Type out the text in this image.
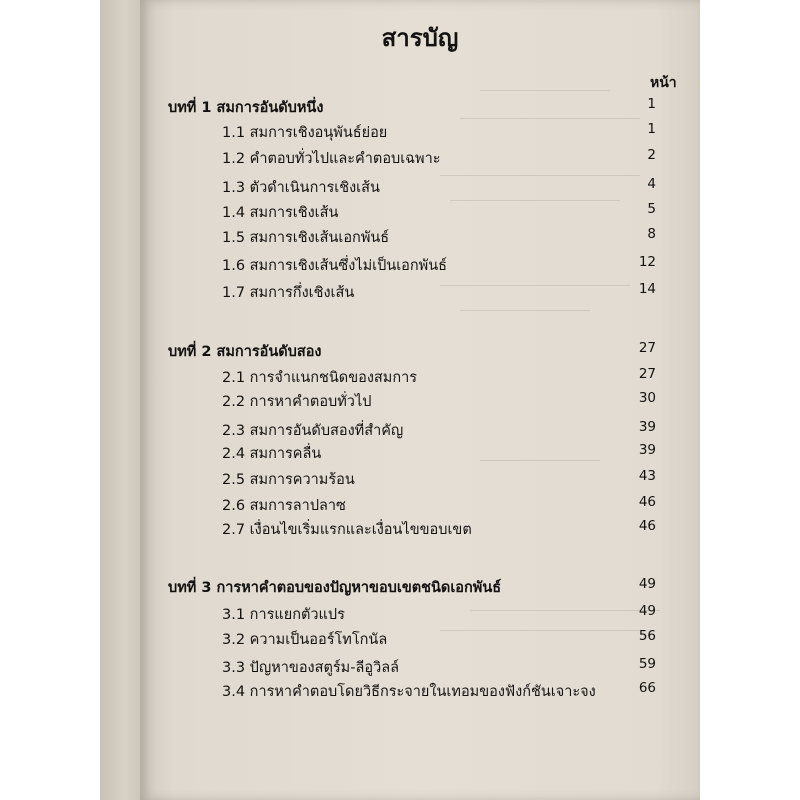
สารบัญ
หน้า
บทที่ 1 สมการอันดับหนึ่ง	1
1.1 สมการเชิงอนุพันธ์ย่อย	1
1.2 คำตอบทั่วไปและคำตอบเฉพาะ	2
1.3 ตัวดำเนินการเชิงเส้น	4
1.4 สมการเชิงเส้น	5
1.5 สมการเชิงเส้นเอกพันธ์	8
1.6 สมการเชิงเส้นซึ่งไม่เป็นเอกพันธ์	12
1.7 สมการกึ่งเชิงเส้น	14
บทที่ 2 สมการอันดับสอง	27
2.1 การจำแนกชนิดของสมการ	27
2.2 การหาคำตอบทั่วไป	30
2.3 สมการอันดับสองที่สำคัญ	39
2.4 สมการคลื่น	39
2.5 สมการความร้อน	43
2.6 สมการลาปลาซ	46
2.7 เงื่อนไขเริ่มแรกและเงื่อนไขขอบเขต	46
บทที่ 3 การหาคำตอบของปัญหาขอบเขตชนิดเอกพันธ์	49
3.1 การแยกตัวแปร	49
3.2 ความเป็นออร์โทโกนัล	56
3.3 ปัญหาของสตูร์ม-ลีอูวิลล์	59
3.4 การหาคำตอบโดยวิธีกระจายในเทอมของฟังก์ชันเจาะจง	66
